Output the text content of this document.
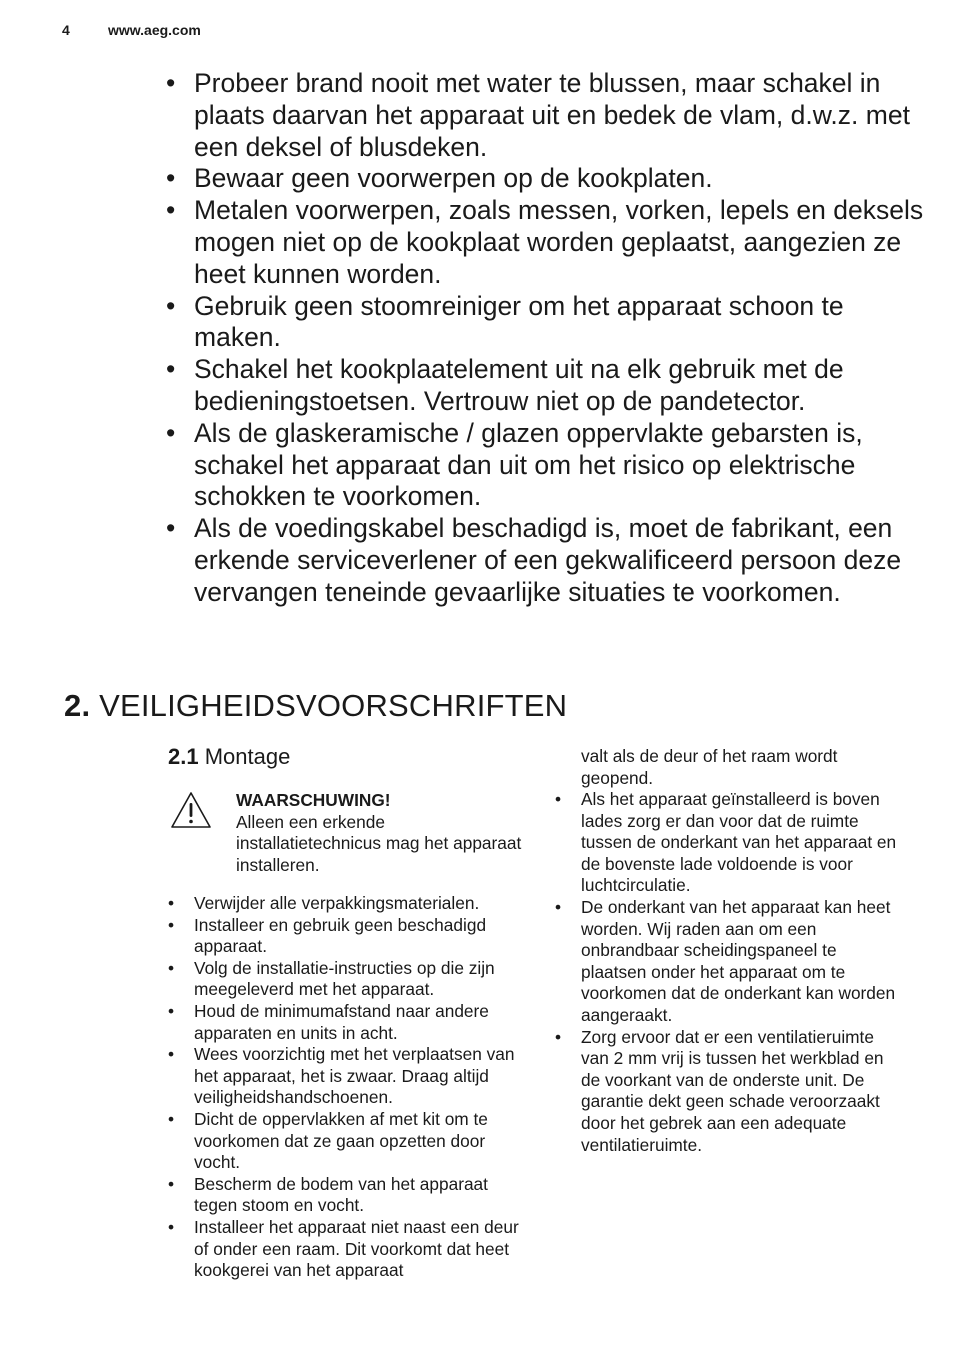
4	www.aeg.com
• Probeer brand nooit met water te blussen, maar schakel in plaats daarvan het apparaat uit en bedek de vlam, d.w.z. met een deksel of blusdeken.
• Bewaar geen voorwerpen op de kookplaten.
• Metalen voorwerpen, zoals messen, vorken, lepels en deksels mogen niet op de kookplaat worden geplaatst, aangezien ze heet kunnen worden.
• Gebruik geen stoomreiniger om het apparaat schoon te maken.
• Schakel het kookplaatelement uit na elk gebruik met de bedieningstoetsen. Vertrouw niet op de pandetector.
• Als de glaskeramische / glazen oppervlakte gebarsten is, schakel het apparaat dan uit om het risico op elektrische schokken te voorkomen.
• Als de voedingskabel beschadigd is, moet de fabrikant, een erkende serviceverlener of een gekwalificeerd persoon deze vervangen teneinde gevaarlijke situaties te voorkomen.
2. VEILIGHEIDSVOORSCHRIFTEN
2.1 Montage
WAARSCHUWING!
Alleen een erkende installatietechnicus mag het apparaat installeren.
• Verwijder alle verpakkingsmaterialen.
• Installeer en gebruik geen beschadigd apparaat.
• Volg de installatie-instructies op die zijn meegeleverd met het apparaat.
• Houd de minimumafstand naar andere apparaten en units in acht.
• Wees voorzichtig met het verplaatsen van het apparaat, het is zwaar. Draag altijd veiligheidshandschoenen.
• Dicht de oppervlakken af met kit om te voorkomen dat ze gaan opzetten door vocht.
• Bescherm de bodem van het apparaat tegen stoom en vocht.
• Installeer het apparaat niet naast een deur of onder een raam. Dit voorkomt dat heet kookgerei van het apparaat
valt als de deur of het raam wordt geopend.
• Als het apparaat geïnstalleerd is boven lades zorg er dan voor dat de ruimte tussen de onderkant van het apparaat en de bovenste lade voldoende is voor luchtcirculatie.
• De onderkant van het apparaat kan heet worden. Wij raden aan om een onbrandbaar scheidingspaneel te plaatsen onder het apparaat om te voorkomen dat de onderkant kan worden aangeraakt.
• Zorg ervoor dat er een ventilatieruimte van 2 mm vrij is tussen het werkblad en de voorkant van de onderste unit. De garantie dekt geen schade veroorzaakt door het gebrek aan een adequate ventilatieruimte.
